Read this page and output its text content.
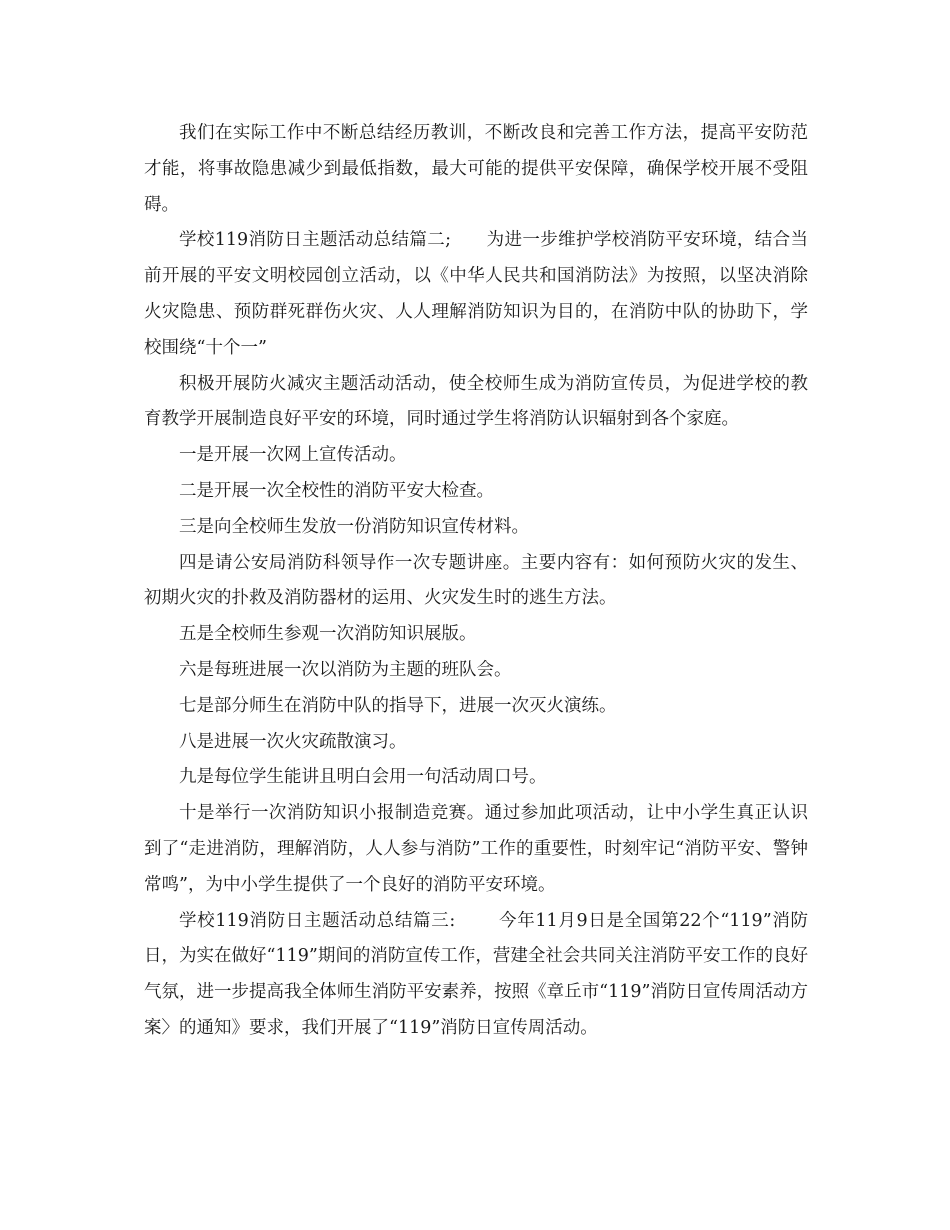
我们在实际工作中不断总结经历教训，不断改良和完善工作方法，提高平安防范才能，将事故隐患减少到最低指数，最大可能的提供平安保障，确保学校开展不受阻碍。

学校119消防日主题活动总结篇二;      为进一步维护学校消防平安环境，结合当前开展的平安文明校园创立活动，以《中华人民共和国消防法》为按照，以坚决消除火灾隐患、预防群死群伤火灾、人人理解消防知识为目的，在消防中队的协助下，学校围绕“十个一”

积极开展防火减灾主题活动活动，使全校师生成为消防宣传员，为促进学校的教育教学开展制造良好平安的环境，同时通过学生将消防认识辐射到各个家庭。

一是开展一次网上宣传活动。

二是开展一次全校性的消防平安大检查。

三是向全校师生发放一份消防知识宣传材料。

四是请公安局消防科领导作一次专题讲座。主要内容有：如何预防火灾的发生、初期火灾的扑救及消防器材的运用、火灾发生时的逃生方法。

五是全校师生参观一次消防知识展版。

六是每班进展一次以消防为主题的班队会。

七是部分师生在消防中队的指导下，进展一次灭火演练。

八是进展一次火灾疏散演习。

九是每位学生能讲且明白会用一句活动周口号。

十是举行一次消防知识小报制造竞赛。通过参加此项活动，让中小学生真正认识到了“走进消防，理解消防，人人参与消防”工作的重要性，时刻牢记“消防平安、警钟常鸣”，为中小学生提供了一个良好的消防平安环境。

学校119消防日主题活动总结篇三:       今年11月9日是全国第22个“119”消防日，为实在做好“119”期间的消防宣传工作，营建全社会共同关注消防平安工作的良好气氛，进一步提高我全体师生消防平安素养，按照《章丘市“119”消防日宣传周活动方案〉的通知》要求，我们开展了“119”消防日宣传周活动。
